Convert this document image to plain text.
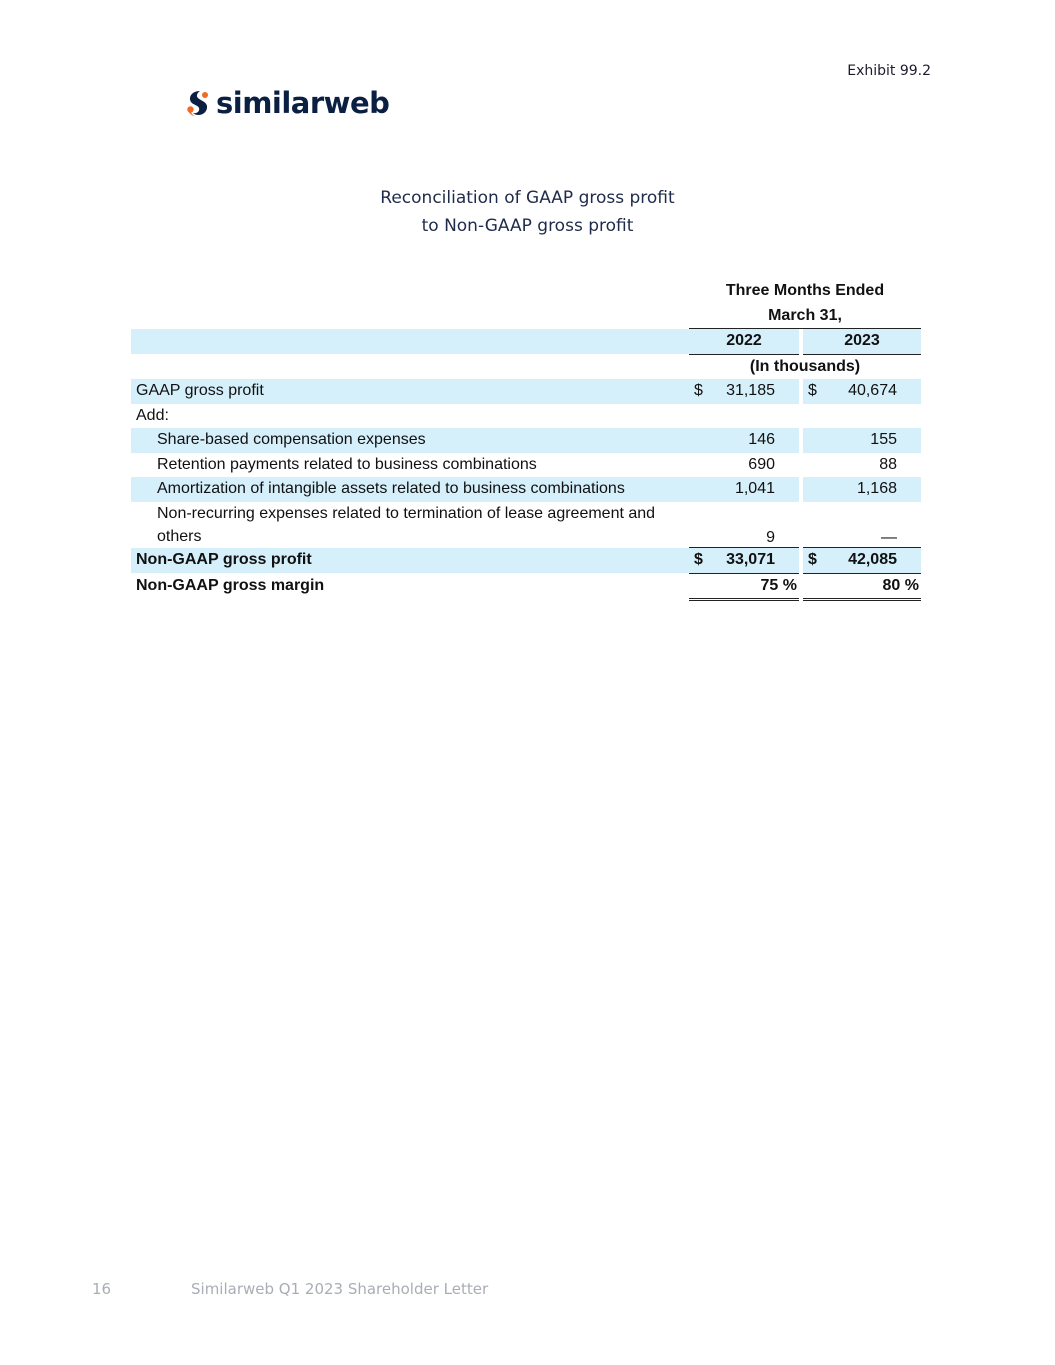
Exhibit 99.2
similarweb
Reconciliation of GAAP gross profit
to Non-GAAP gross profit
	Three Months Ended				
	March 31,				
	2022			2023	
	(In thousands)				
GAAP gross profit	$	31,185		$	40,674
Add:					
Share-based compensation expenses		146			155
Retention payments related to business combinations		690			88
Amortization of intangible assets related to business combinations		1,041			1,168
Non-recurring expenses related to termination of lease agreement and others		9			—
Non-GAAP gross profit	$	33,071		$	42,085
Non-GAAP gross margin		75 %			80 %
16	Similarweb Q1 2023 Shareholder Letter
